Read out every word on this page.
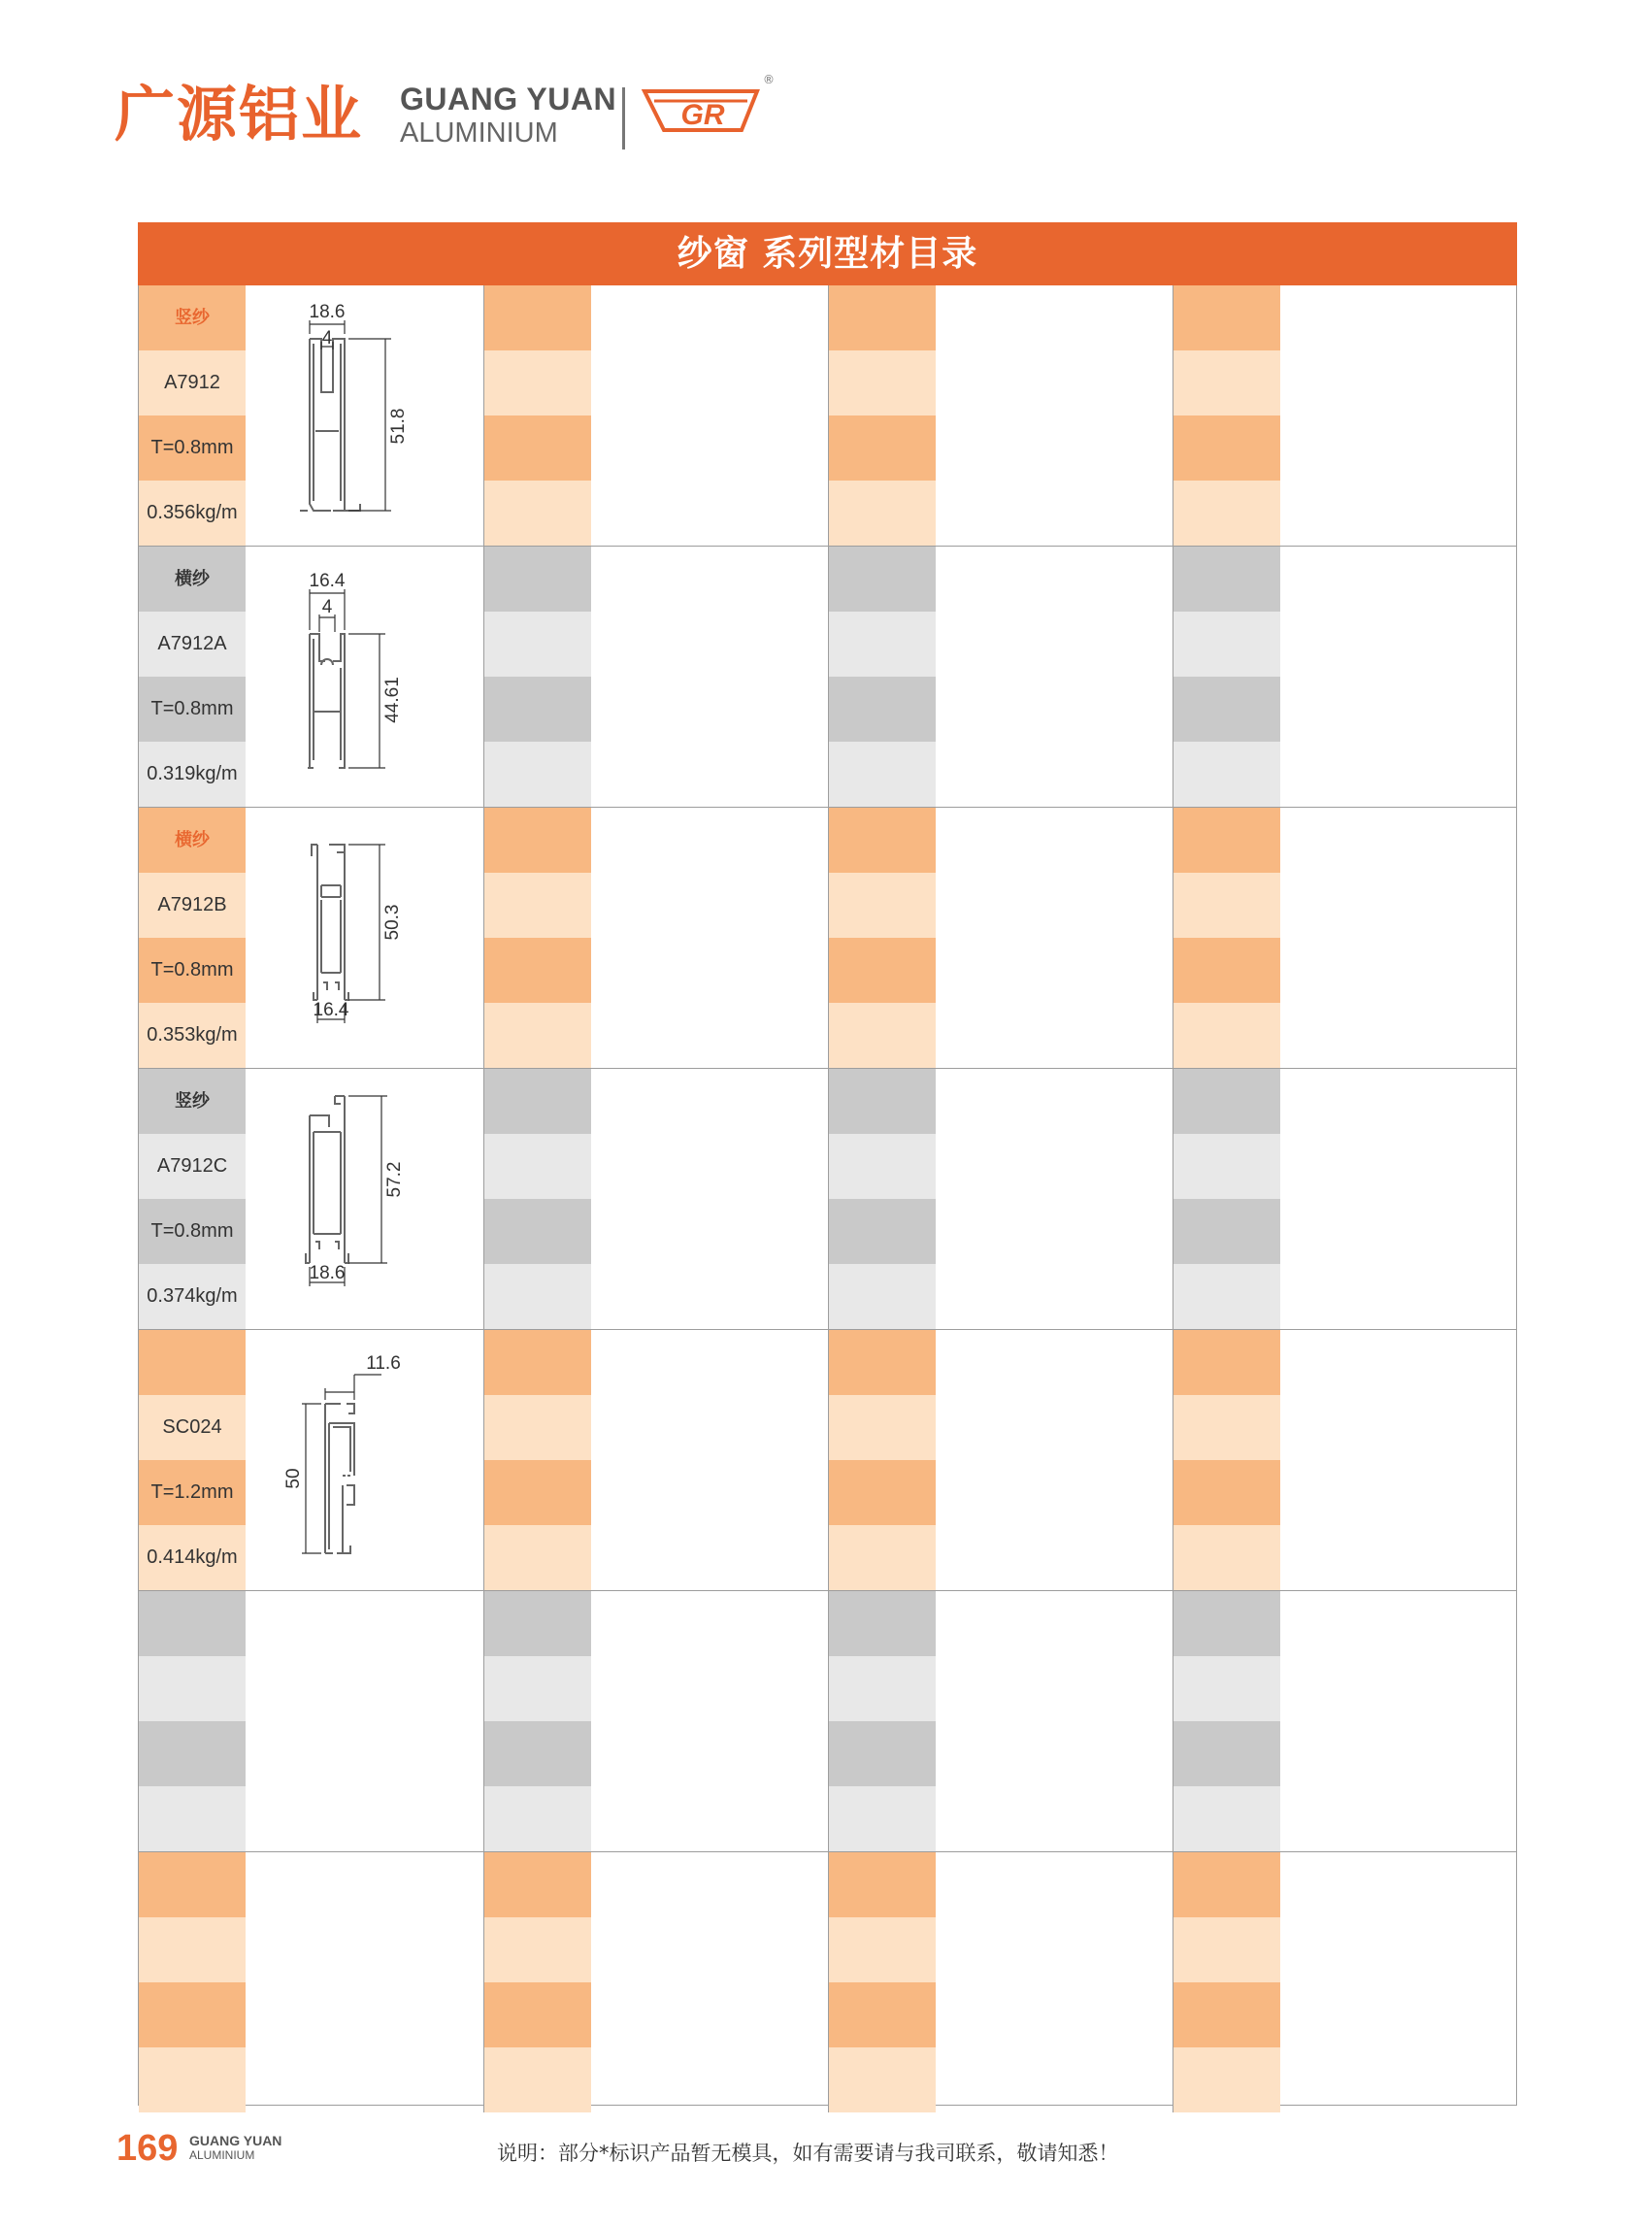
广源铝业 GUANG YUAN
ALUMINIUM
GR
®
纱窗 系列型材目录
竖纱
A7912
T=0.8mm
0.356kg/m
18.6
4
51.8
横纱
A7912A
T=0.8mm
0.319kg/m
16.4
4
44.61
横纱
A7912B
T=0.8mm
0.353kg/m
50.3
16.4
竖纱
A7912C
T=0.8mm
0.374kg/m
57.2
18.6
SC024
T=1.2mm
0.414kg/m
11.6
50
169 GUANG YUAN
ALUMINIUM	说明：部分*标识产品暂无模具，如有需要请与我司联系，敬请知悉！
